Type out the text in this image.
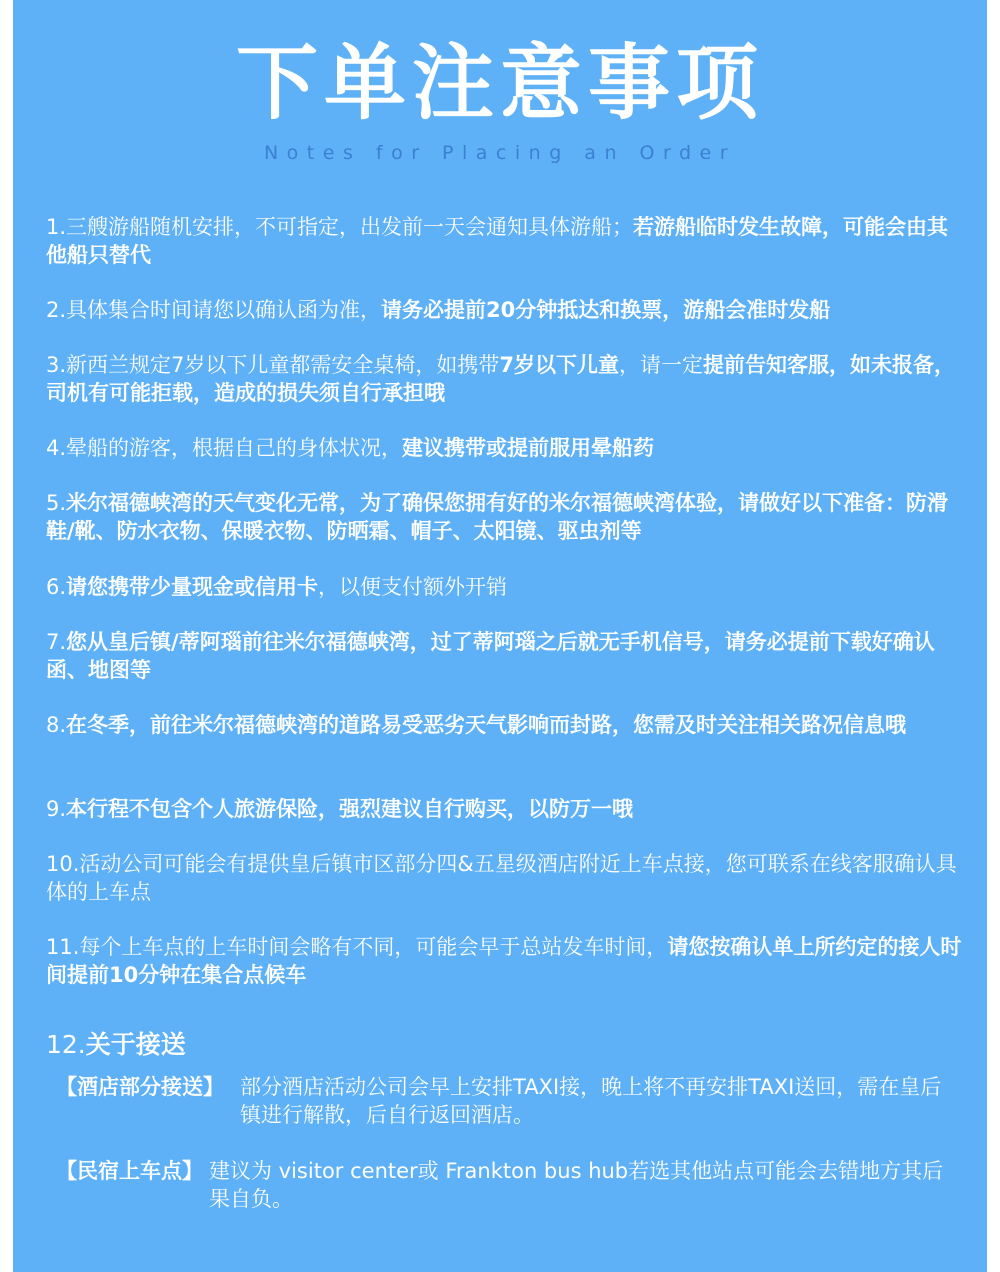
下单注意事项
Notes for Placing an Order
1.三艘游船随机安排，不可指定，出发前一天会通知具体游船；若游船临时发生故障，可能会由其他船只替代
2.具体集合时间请您以确认函为准，请务必提前20分钟抵达和换票，游船会准时发船
3.新西兰规定7岁以下儿童都需安全桌椅，如携带7岁以下儿童，请一定提前告知客服，如未报备，司机有可能拒载，造成的损失须自行承担哦
4.晕船的游客，根据自己的身体状况，建议携带或提前服用晕船药
5.米尔福德峡湾的天气变化无常，为了确保您拥有好的米尔福德峡湾体验，请做好以下准备：防滑鞋/靴、防水衣物、保暖衣物、防晒霜、帽子、太阳镜、驱虫剂等
6.请您携带少量现金或信用卡，以便支付额外开销
7.您从皇后镇/蒂阿瑙前往米尔福德峡湾，过了蒂阿瑙之后就无手机信号，请务必提前下载好确认函、地图等
8.在冬季，前往米尔福德峡湾的道路易受恶劣天气影响而封路，您需及时关注相关路况信息哦
9.本行程不包含个人旅游保险，强烈建议自行购买，以防万一哦
10.活动公司可能会有提供皇后镇市区部分四&五星级酒店附近上车点接，您可联系在线客服确认具体的上车点
11.每个上车点的上车时间会略有不同，可能会早于总站发车时间，请您按确认单上所约定的接人时间提前10分钟在集合点候车
12.关于接送
【酒店部分接送】 部分酒店活动公司会早上安排TAXI接，晚上将不再安排TAXI送回，需在皇后镇进行解散，后自行返回酒店。
【民宿上车点】 建议为 visitor center或 Frankton bus hub若选其他站点可能会去错地方其后果自负。
